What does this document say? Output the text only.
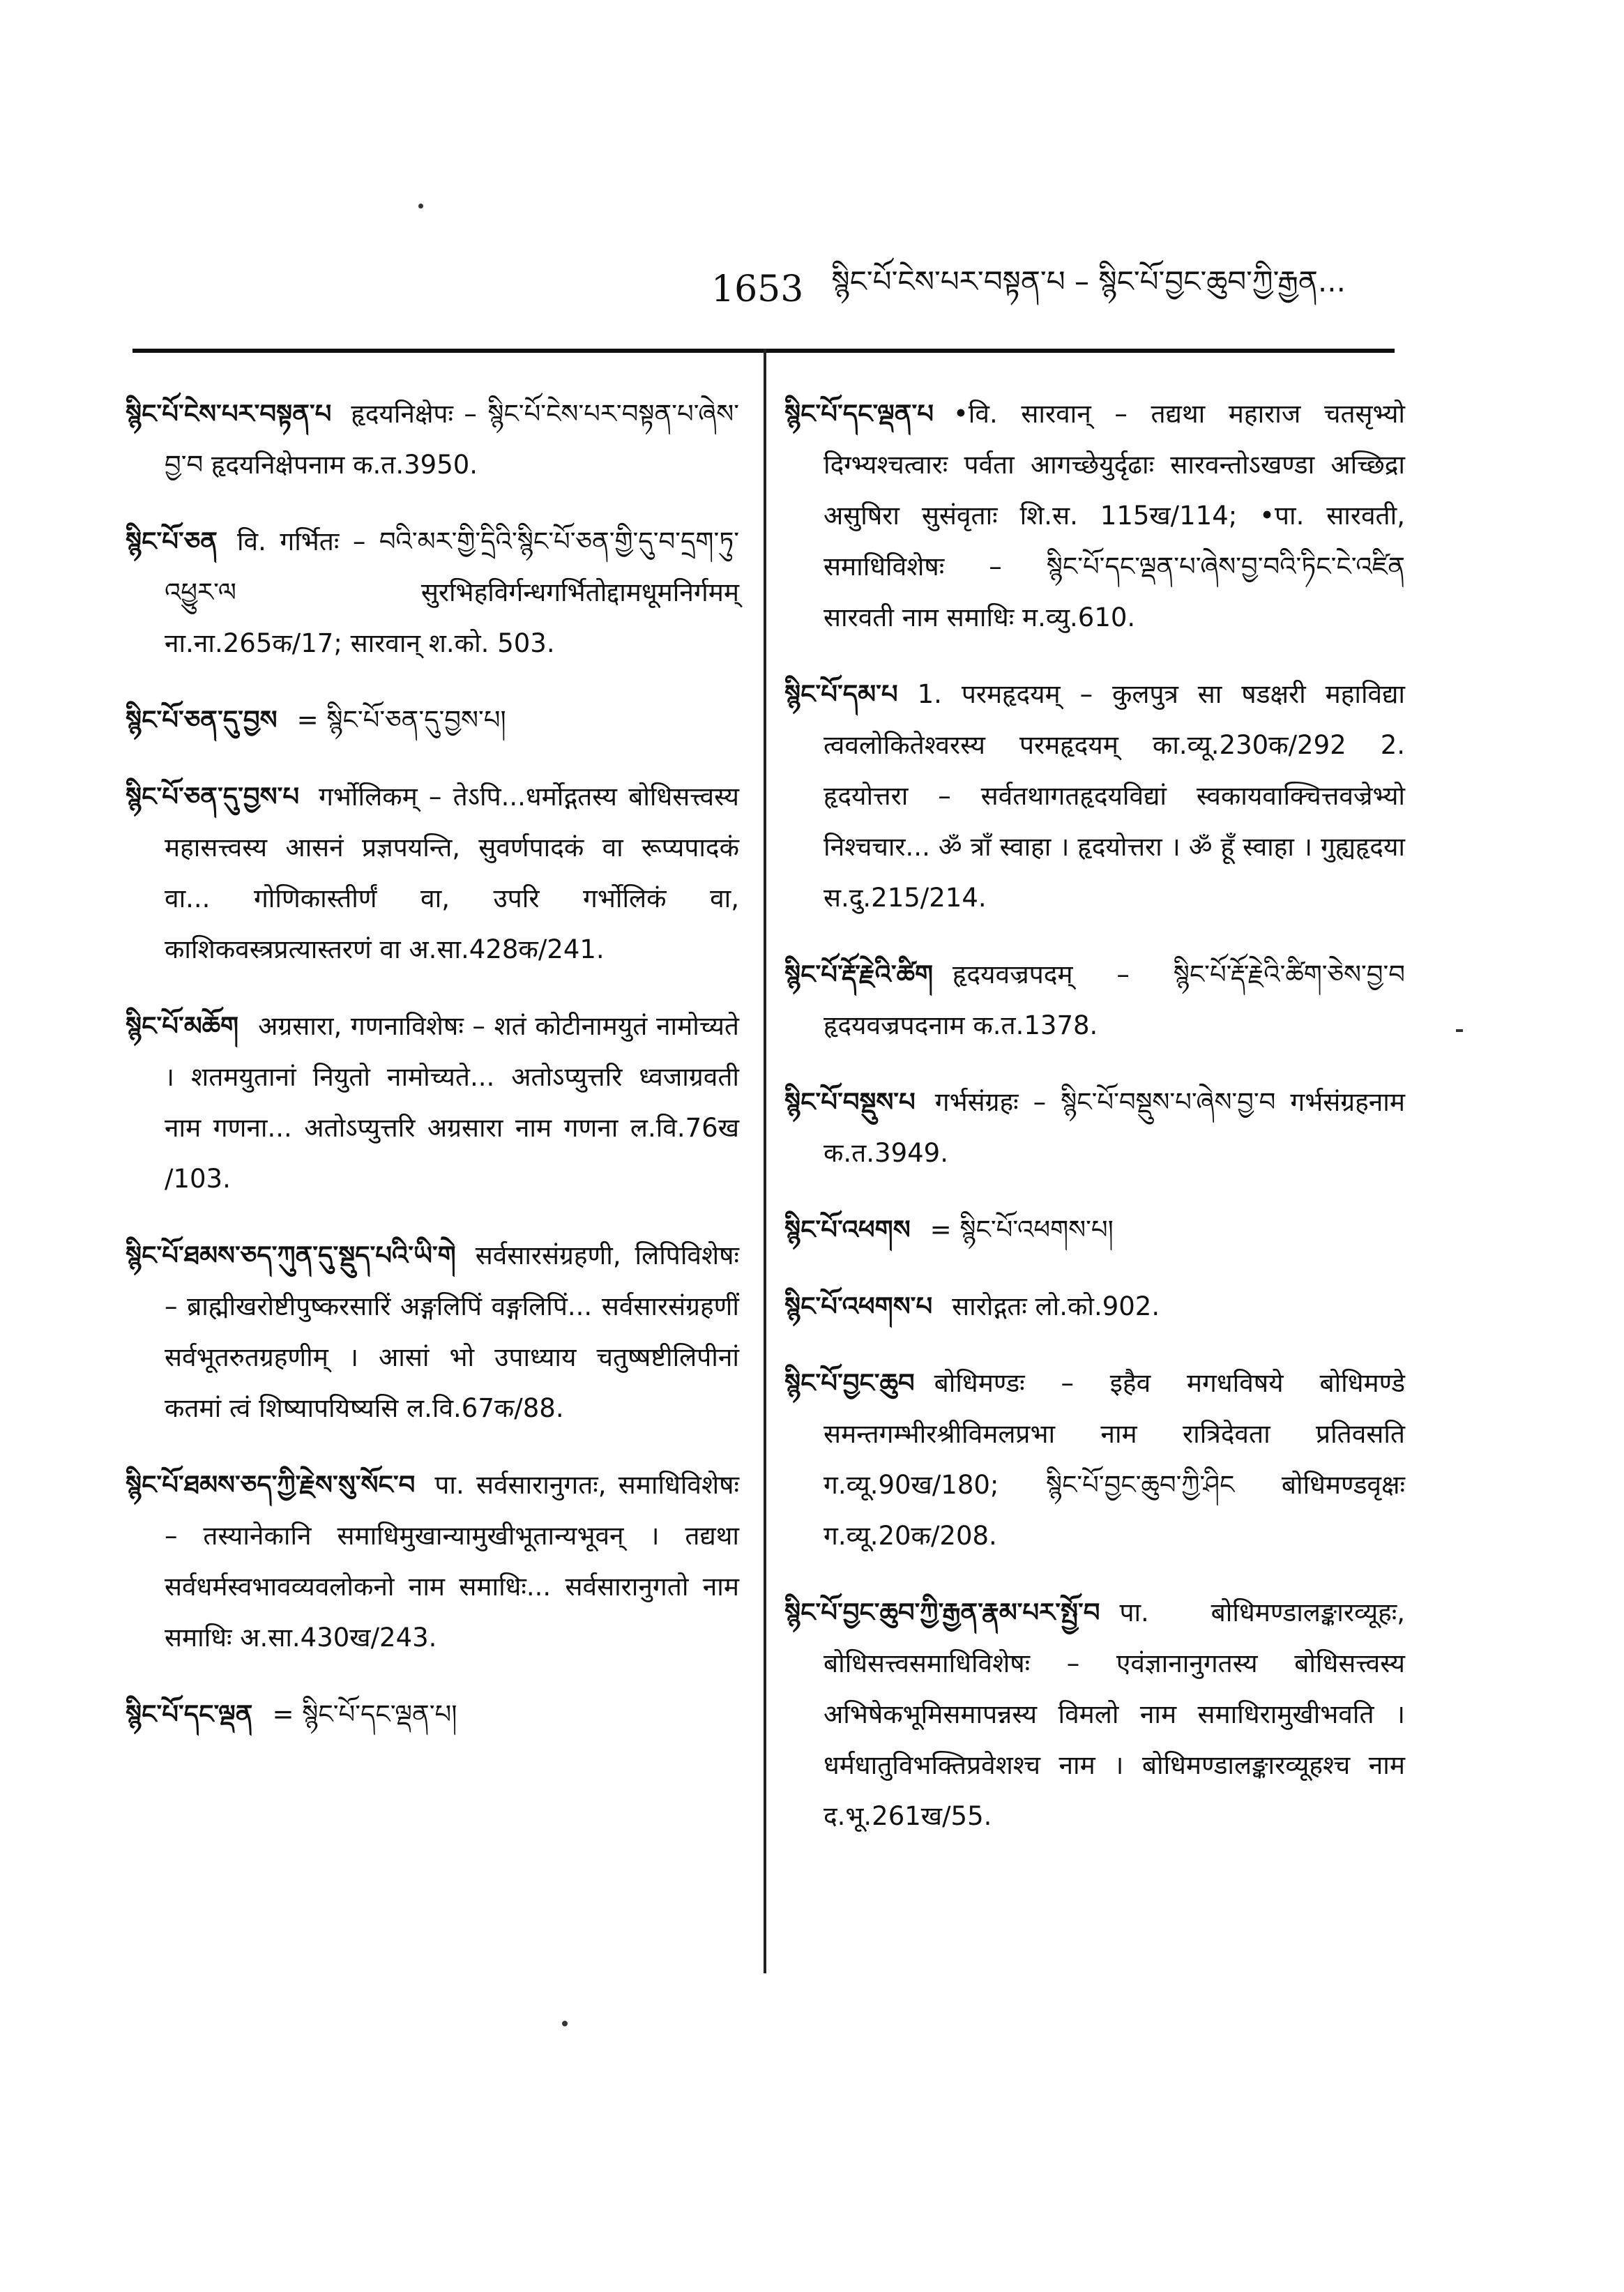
1653 སྙིང་པོ་ངེས་པར་བསྟན་པ – སྙིང་པོ་བྱང་ཆུབ་ཀྱི་རྒྱན...

སྙིང་པོ་ངེས་པར་བསྟན་པ हृदयनिक्षेपः – སྙིང་པོ་ངེས་པར་བསྟན་པ་ཞེས་བྱ་བ हृदयनिक्षेपनाम क.त.3950.

སྙིང་པོ་ཅན वि. गर्भितः – བའི་མར་གྱི་དྲིའི་སྙིང་པོ་ཅན་གྱི་དུ་བ་དྲག་ཏུ་འཕྱུར་ལ सुरभिहविर्गन्धगर्भितोद्दामधूमनिर्गमम् ना.ना.265क/17; सारवान् श.को. 503.

སྙིང་པོ་ཅན་དུ་བྱས = སྙིང་པོ་ཅན་དུ་བྱས་པ།

སྙིང་པོ་ཅན་དུ་བྱས་པ गर्भोलिकम् – तेऽपि...धर्मोद्गतस्य बोधिसत्त्वस्य महासत्त्वस्य आसनं प्रज्ञपयन्ति, सुवर्णपादकं वा रूप्यपादकं वा... गोणिकास्तीर्णं वा, उपरि गर्भोलिकं वा, काशिकवस्त्रप्रत्यास्तरणं वा अ.सा.428क/241.

སྙིང་པོ་མཆོག अग्रसारा, गणनाविशेषः – शतं कोटीनामयुतं नामोच्यते । शतमयुतानां नियुतो नामोच्यते... अतोऽप्युत्तरि ध्वजाग्रवती नाम गणना... अतोऽप्युत्तरि अग्रसारा नाम गणना ल.वि.76ख /103.

སྙིང་པོ་ཐམས་ཅད་ཀུན་དུ་སྡུད་པའི་ཡི་གེ सर्वसारसंग्रहणी, लिपिविशेषः – ब्राह्मीखरोष्टीपुष्करसारिं अङ्गलिपिं वङ्गलिपिं... सर्वसारसंग्रहणीं सर्वभूतरुतग्रहणीम् । आसां भो उपाध्याय चतुष्षष्टीलिपीनां कतमां त्वं शिष्यापयिष्यसि ल.वि.67क/88.

སྙིང་པོ་ཐམས་ཅད་ཀྱི་རྗེས་སུ་སོང་བ पा. सर्वसारानुगतः, समाधिविशेषः – तस्यानेकानि समाधिमुखान्यामुखीभूतान्यभूवन् । तद्यथा सर्वधर्मस्वभावव्यवलोकनो नाम समाधिः... सर्वसारानुगतो नाम समाधिः अ.सा.430ख/243.

སྙིང་པོ་དང་ལྡན = སྙིང་པོ་དང་ལྡན་པ།

སྙིང་པོ་དང་ལྡན་པ •वि. सारवान् – तद्यथा महाराज चतसृभ्यो दिग्भ्यश्चत्वारः पर्वता आगच्छेयुर्दृढाः सारवन्तोऽखण्डा अच्छिद्रा असुषिरा सुसंवृताः शि.स. 115ख/114; •पा. सारवती, समाधिविशेषः – སྙིང་པོ་དང་ལྡན་པ་ཞེས་བྱ་བའི་ཏིང་ངེ་འཛིན सारवती नाम समाधिः म.व्यु.610.

སྙིང་པོ་དམ་པ 1. परमहृदयम् – कुलपुत्र सा षडक्षरी महाविद्या त्ववलोकितेश्वरस्य परमहृदयम् का.व्यू.230क/292 2. हृदयोत्तरा – सर्वतथागतहृदयविद्यां स्वकायवाक्चित्तवज्रेभ्यो निश्चचार... ॐ त्राँ स्वाहा । हृदयोत्तरा । ॐ हूँ स्वाहा । गुह्यहृदया स.दु.215/214.

སྙིང་པོ་རྡོ་རྗེའི་ཚིག हृदयवज्रपदम् – སྙིང་པོ་རྡོ་རྗེའི་ཚིག་ཅེས་བྱ་བ हृदयवज्रपदनाम क.त.1378.

སྙིང་པོ་བསྡུས་པ गर्भसंग्रहः – སྙིང་པོ་བསྡུས་པ་ཞེས་བྱ་བ गर्भसंग्रहनाम क.त.3949.

སྙིང་པོ་འཕགས = སྙིང་པོ་འཕགས་པ།

སྙིང་པོ་འཕགས་པ सारोद्गतः लो.को.902.

སྙིང་པོ་བྱང་ཆུབ बोधिमण्डः – इहैव मगधविषये बोधिमण्डे समन्तगम्भीरश्रीविमलप्रभा नाम रात्रिदेवता प्रतिवसति ग.व्यू.90ख/180; སྙིང་པོ་བྱང་ཆུབ་ཀྱི་ཤིང बोधिमण्डवृक्षः ग.व्यू.20क/208.

སྙིང་པོ་བྱང་ཆུབ་ཀྱི་རྒྱན་རྣམ་པར་སྤྱོ་བ पा. बोधिमण्डालङ्कारव्यूहः, बोधिसत्त्वसमाधिविशेषः – एवंज्ञानानुगतस्य बोधिसत्त्वस्य अभिषेकभूमिसमापन्नस्य विमलो नाम समाधिरामुखीभवति । धर्मधातुविभक्तिप्रवेशश्च नाम । बोधिमण्डालङ्कारव्यूहश्च नाम द.भू.261ख/55.
